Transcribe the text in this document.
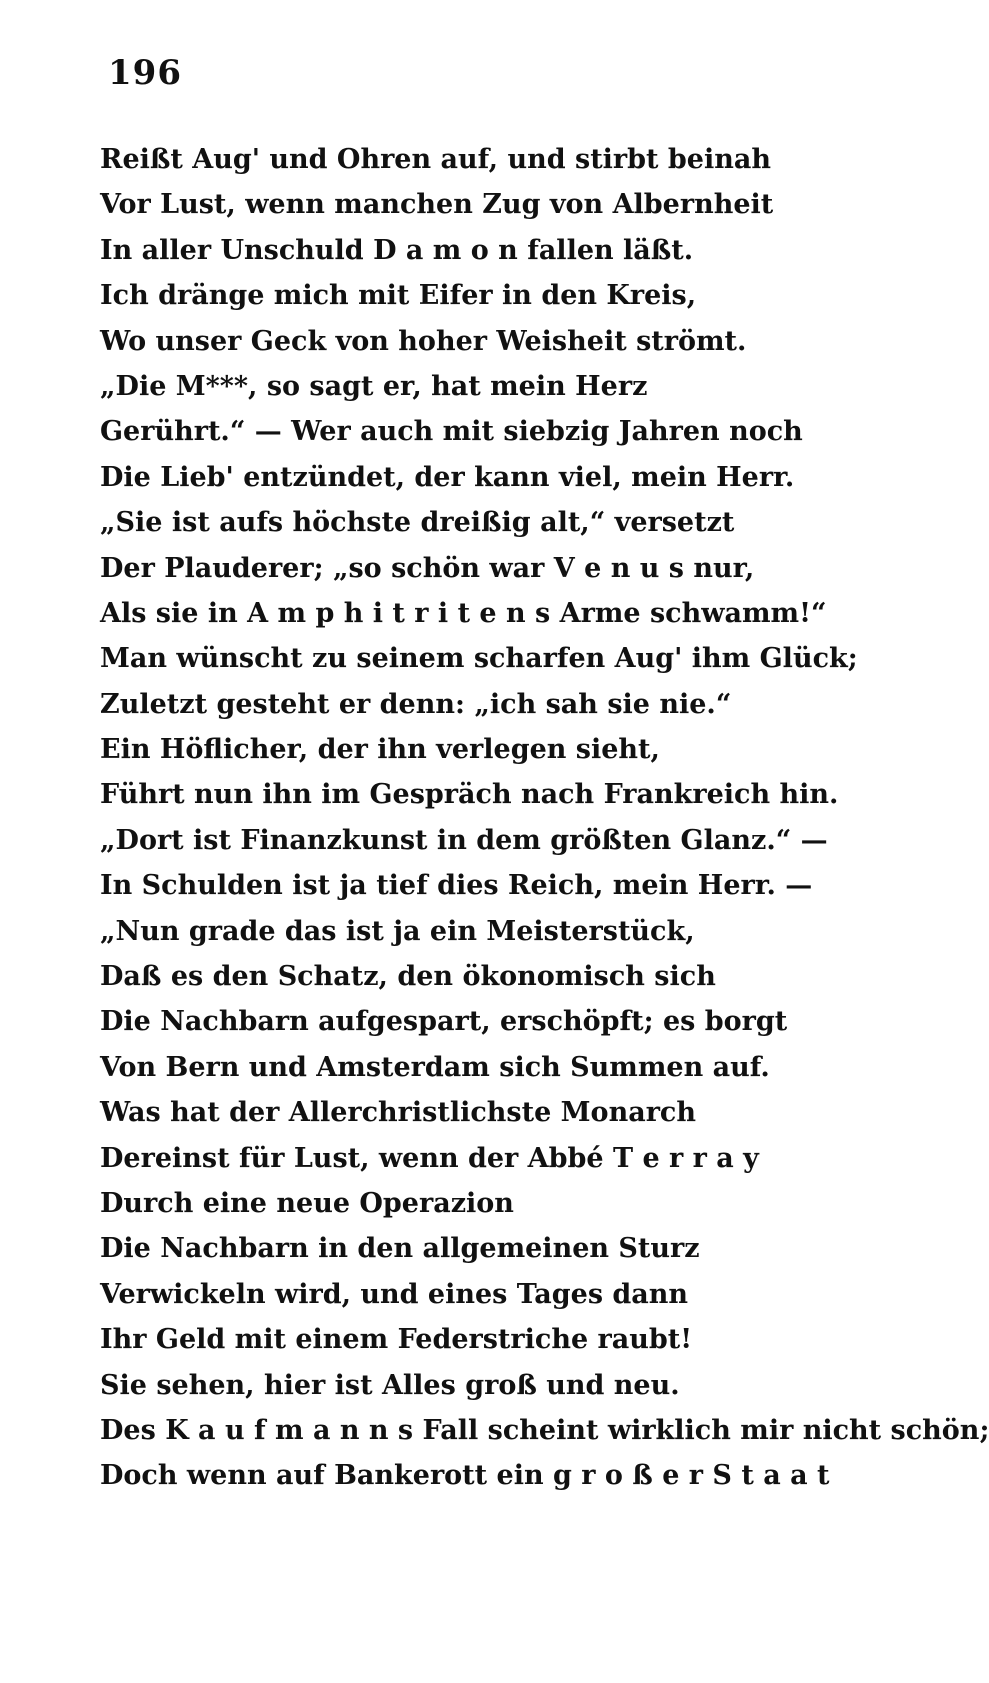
196
Reißt Aug' und Ohren auf, und stirbt beinah
Vor Lust, wenn manchen Zug von Albernheit
In aller Unschuld D a m o n fallen läßt.
Ich dränge mich mit Eifer in den Kreis,
Wo unser Geck von hoher Weisheit strömt.
„Die M***, so sagt er, hat mein Herz
Gerührt.“ — Wer auch mit siebzig Jahren noch
Die Lieb' entzündet, der kann viel, mein Herr.
„Sie ist aufs höchste dreißig alt,“ versetzt
Der Plauderer; „so schön war V e n u s nur,
Als sie in A m p h i t r i t e n s Arme schwamm!“
Man wünscht zu seinem scharfen Aug' ihm Glück;
Zuletzt gesteht er denn: „ich sah sie nie.“
Ein Höflicher, der ihn verlegen sieht,
Führt nun ihn im Gespräch nach Frankreich hin.
„Dort ist Finanzkunst in dem größten Glanz.“ —
In Schulden ist ja tief dies Reich, mein Herr. —
„Nun grade das ist ja ein Meisterstück,
Daß es den Schatz, den ökonomisch sich
Die Nachbarn aufgespart, erschöpft; es borgt
Von Bern und Amsterdam sich Summen auf.
Was hat der Allerchristlichste Monarch
Dereinst für Lust, wenn der Abbé T e r r a y
Durch eine neue Operazion
Die Nachbarn in den allgemeinen Sturz
Verwickeln wird, und eines Tages dann
Ihr Geld mit einem Federstriche raubt!
Sie sehen, hier ist Alles groß und neu.
Des K a u f m a n n s Fall scheint wirklich mir nicht schön;
Doch wenn auf Bankerott ein g r o ß e r S t a a t
